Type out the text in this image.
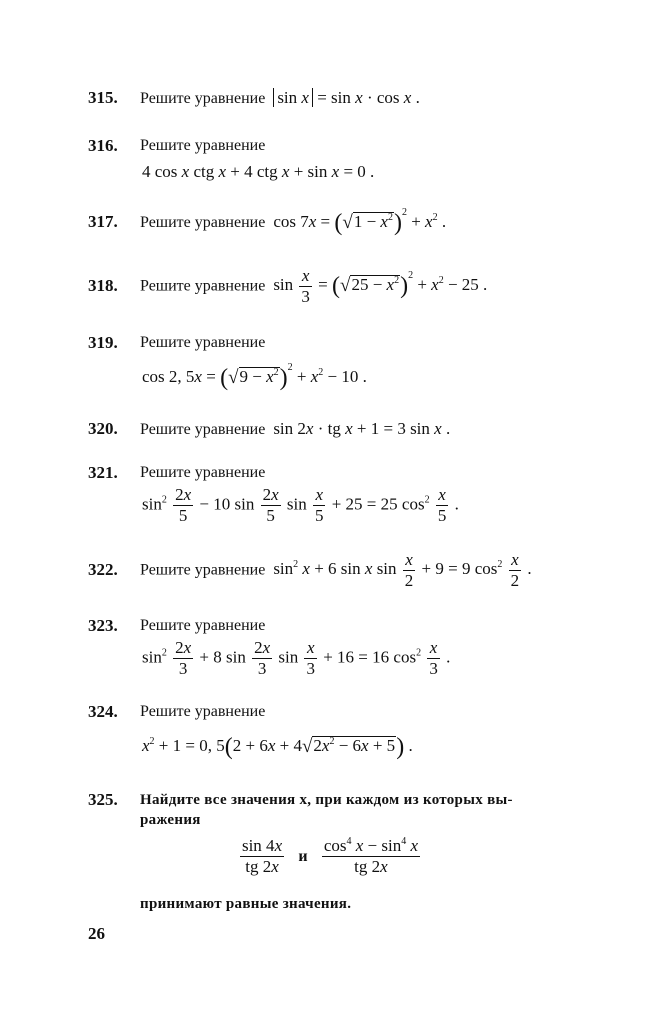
315. Решите уравнение sin x = sin x · cos x .
316. Решите уравнение
4 cos x ctg x + 4 ctg x + sin x = 0 .
317. Решите уравнение $\cos 7x = (√1 - x^2)^2 + x^2$ .
318. Решите уравнение $\sin \frac{x}{3} = (√25 - x^2)^2 + x^2 - 25$ .
319. Решите уравнение
cos 2, $5x = (√9 - x^2)^2 + x^2 - 10$ .
320. Решите уравнение sin 2x · tg x + 1 = 3 sin x .
321. Решите уравнение
$\sin^2 \frac{2x}{5} - 10$ $\sin \frac{2x}{5}$ $\sin \frac{x}{5} + 25 = 25$ $\cos^2 \frac{x}{5}$ .
322. Решите уравнение $\sin^2 x + 6$ sin x $\sin \frac{x}{2} + 9 = 9$ $\cos^2 \frac{x}{2}$ .
323. Решите уравнение
$\sin^2 \frac{2x}{3} + 8$ $\sin \frac{2x}{3}$ $\sin \frac{x}{3} + 16 = 16$ $\cos^2 \frac{x}{3}$ .
324. Решите уравнение
$x^2 + 1 = 0$, $5(2 + 6x + 4√2x^2 - 6x + 5)$ .
325. Найдите все значения x, при каждом из которых вы-
ражения
$\frac{\sin 4x}{tg 2x}$ и $\frac{\cos^4 x - \sin^4 x}{tg 2x}$
принимают равные значения.
26
